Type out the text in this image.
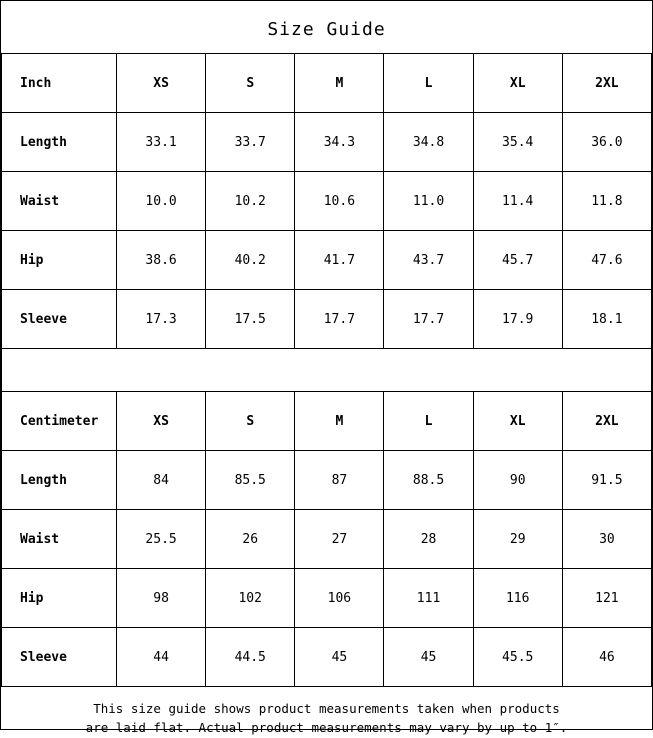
Size Guide
Inch	XS	S	M	L	XL	2XL
Length	33.1	33.7	34.3	34.8	35.4	36.0
Waist	10.0	10.2	10.6	11.0	11.4	11.8
Hip	38.6	40.2	41.7	43.7	45.7	47.6
Sleeve	17.3	17.5	17.7	17.7	17.9	18.1
Centimeter	XS	S	M	L	XL	2XL
Length	84	85.5	87	88.5	90	91.5
Waist	25.5	26	27	28	29	30
Hip	98	102	106	111	116	121
Sleeve	44	44.5	45	45	45.5	46
This size guide shows product measurements taken when products
are laid flat. Actual product measurements may vary by up to 1″.
